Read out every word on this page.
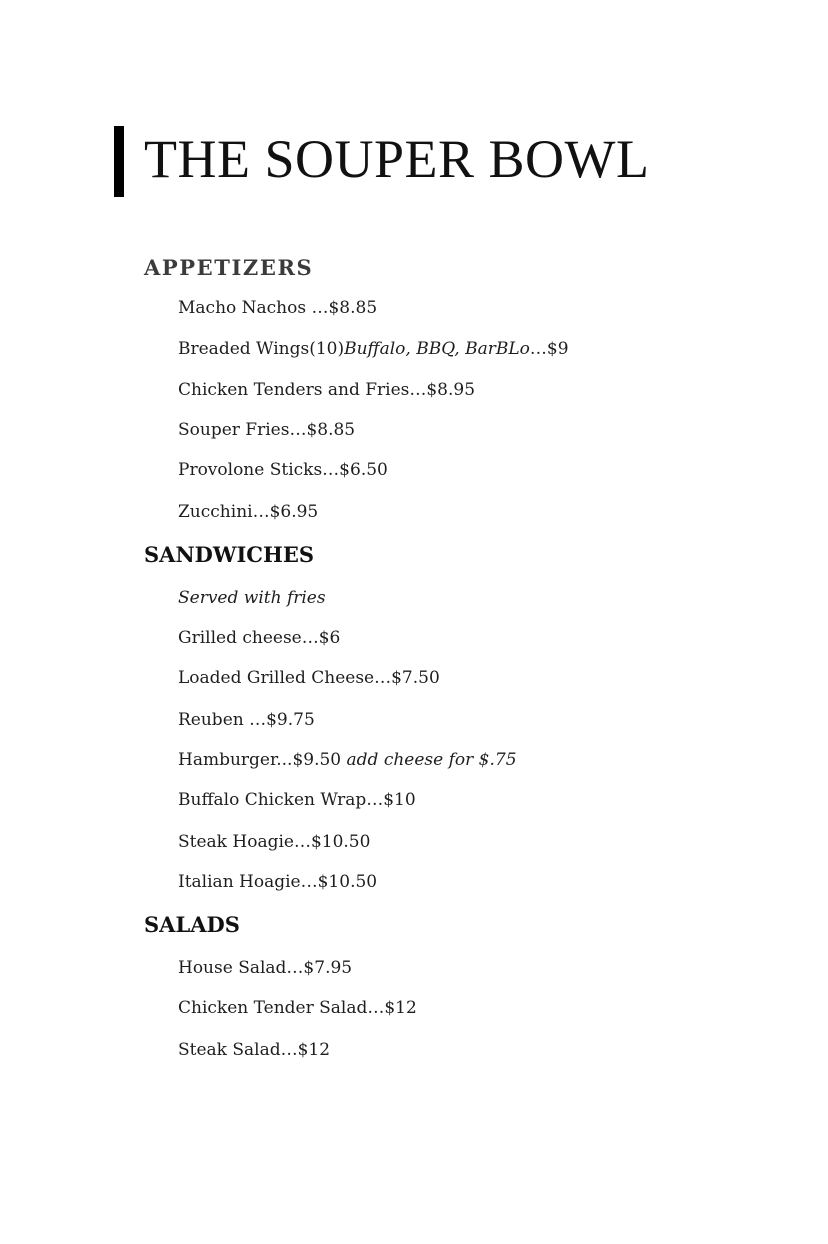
THE SOUPER BOWL
APPETIZERS

Macho Nachos …$8.85

Breaded Wings(10)Buffalo, BBQ, BarBLo…$9

Chicken Tenders and Fries…$8.95

Souper Fries…$8.85

Provolone Sticks…$6.50

Zucchini…$6.95

SANDWICHES

Served with fries

Grilled cheese…$6

Loaded Grilled Cheese…$7.50

Reuben …$9.75

Hamburger...$9.50 add cheese for $.75

Buffalo Chicken Wrap…$10

Steak Hoagie…$10.50

Italian Hoagie…$10.50

SALADS

House Salad…$7.95

Chicken Tender Salad…$12

Steak Salad…$12
